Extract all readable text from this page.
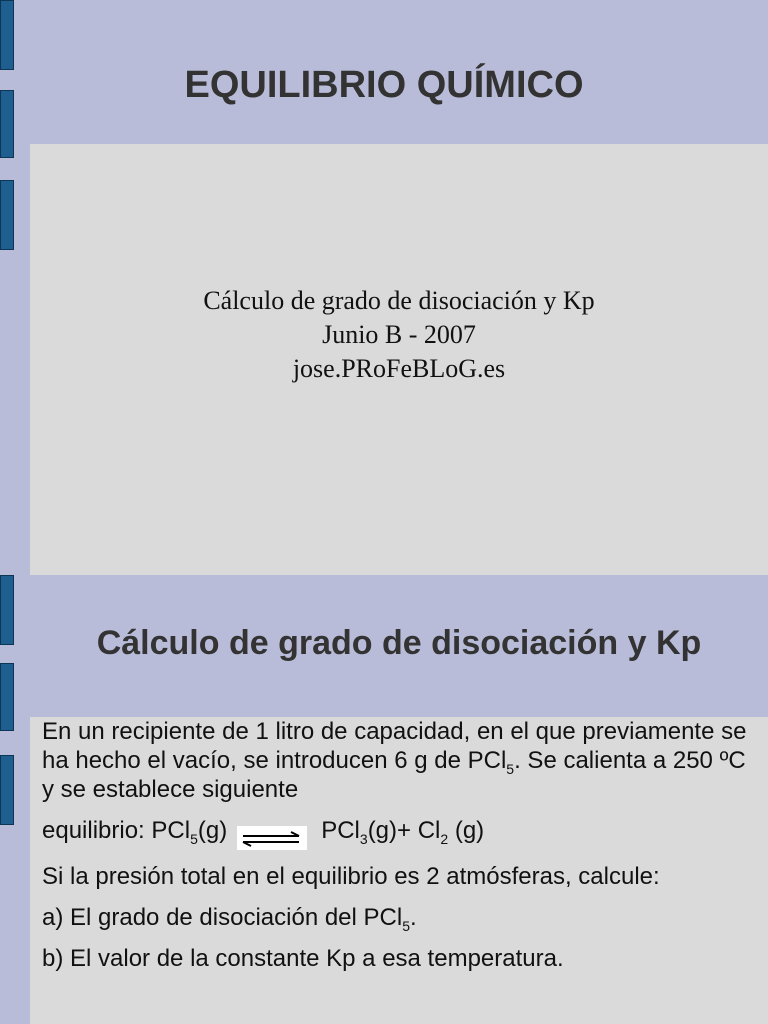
EQUILIBRIO QUÍMICO
Cálculo de grado de disociación y Kp
Junio B - 2007
jose.PRoFeBLoG.es
Cálculo de grado de disociación y Kp

En un recipiente de 1 litro de capacidad, en el que previamente se ha hecho el vacío, se introducen 6 g de PCl$_5$. Se calienta a 250 ºC y se establece siguiente

equilibrio: PCl$_5$(g)	$PCl_3(g)+ Cl_2$ (g)

Si la presión total en el equilibrio es 2 atmósferas, calcule:

a) El grado de disociación del PCl$_5$.

b) El valor de la constante Kp a esa temperatura.
